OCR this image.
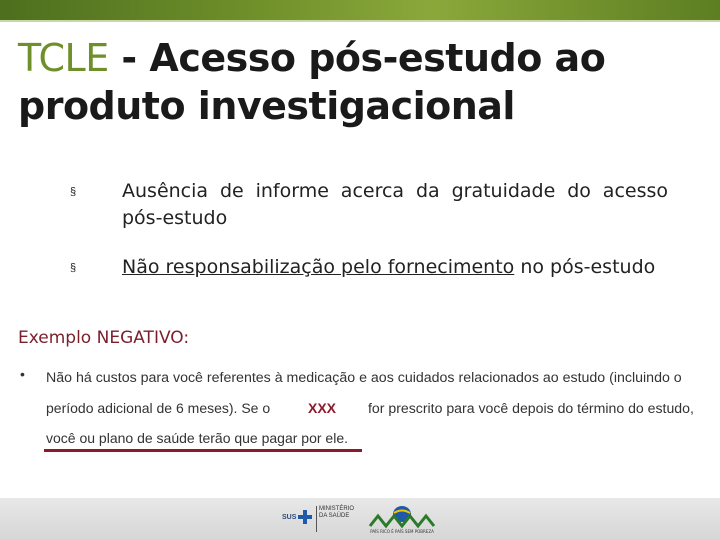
TCLE - Acesso pós-estudo ao produto investigacional
§ Ausência de informe acerca da gratuidade do acesso pós-estudo
§ Não responsabilização pelo fornecimento no pós-estudo
Exemplo NEGATIVO:
• Não há custos para você referentes à medicação e aos cuidados relacionados ao estudo (incluindo o
período adicional de 6 meses). Se o	XXX for prescrito para você depois do término do estudo,
você ou plano de saúde terão que pagar por ele.
SUS
MINISTÉRIO DA SAÚDE
PAÍS RICO É PAÍS SEM POBREZA
